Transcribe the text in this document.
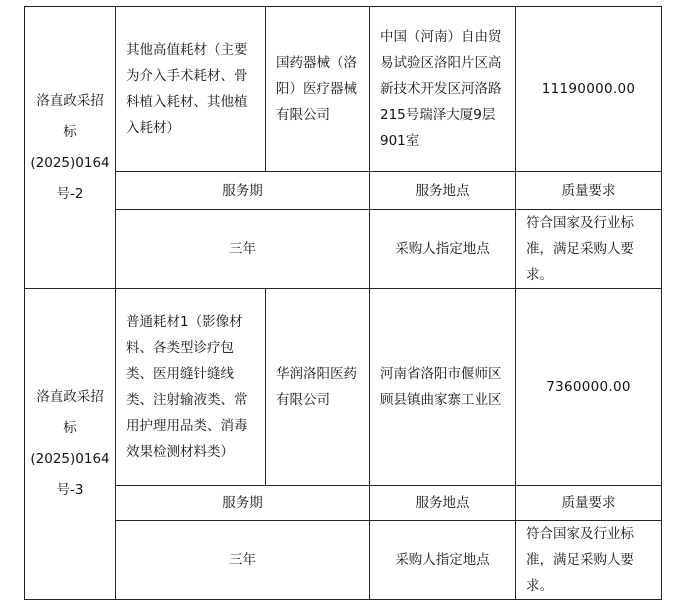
洛直政采招
标
(2025)0164
号-2	其他高值耗材（主要为介入手术耗材、骨科植入耗材、其他植入耗材）	国药器械（洛阳）医疗器械有限公司	中国（河南）自由贸易试验区洛阳片区高新技术开发区河洛路215号瑞泽大厦9层901室	11190000.00
	服务期		服务地点	质量要求
	三年		采购人指定地点	符合国家及行业标准，满足采购人要求。
洛直政采招
标
(2025)0164
号-3	普通耗材1（影像材料、各类型诊疗包类、医用缝针缝线类、注射输液类、常用护理用品类、消毒效果检测材料类）	华润洛阳医药有限公司	河南省洛阳市偃师区顾县镇曲家寨工业区	7360000.00
	服务期		服务地点	质量要求
	三年		采购人指定地点	符合国家及行业标准，满足采购人要求。
